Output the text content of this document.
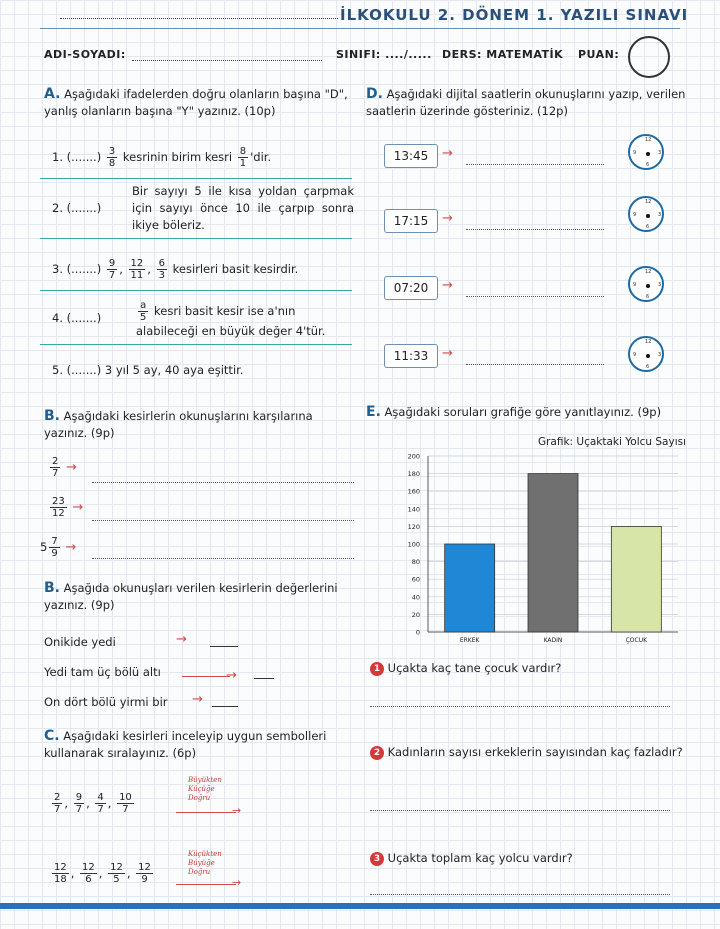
İLKOKULU 2. DÖNEM 1. YAZILI SINAVI
ADI-SOYADI:	SINIFI: ..../..... DERS: MATEMATİK PUAN:
A. Aşağıdaki ifadelerden doğru olanların başına "D", yanlış olanların başına "Y" yazınız. (10p)
1. (.......) $\frac{3}{8}$ kesrinin birim kesri $\frac{8}{1}$ 'dir.
2. (.......)
Bir sayıyı 5 ile kısa yoldan çarpmak için sayıyı önce 10 ile çarpıp sonra ikiye böleriz.
3. (.......) $\frac{9}{7}$ , $\frac{12}{11}$ , $\frac{6}{3}$ kesirleri basit kesirdir.
4. (.......)	$\frac{a}{5}$ kesri basit kesir ise a'nın alabileceği en büyük değer 4'tür.
5. (.......) 3 yıl 5 ay, 40 aya eşittir.
D. Aşağıdaki dijital saatlerin okunuşlarını yazıp, verilen saatlerin üzerinde gösteriniz. (12p)
13:45	→
12
3
6
9
17:15	→
12
3
6
9
07:20	→
12
3
6
9
11:33	→
12
3
6
9
B. Aşağıdaki kesirlerin okunuşlarını karşılarına yazınız. (9p)
$\frac{2}{7}$ →
$\frac{23}{12}$ →
$5 \frac{7}{9}$ →
B. Aşağıda okunuşları verilen kesirlerin değerlerini yazınız. (9p)
Onikide yedi	→
Yedi tam üç bölü altı	→
On dört bölü yirmi bir →
C. Aşağıdaki kesirleri inceleyip uygun sembolleri kullanarak sıralayınız. (6p)
$\frac{2}{7}$ , $\frac{9}{7}$ , $\frac{4}{7}$ , $\frac{10}{7}$
Büyükten
Küçüğe
Doğru
→
$\frac{12}{18}$ , $\frac{12}{6}$ , $\frac{12}{5}$ , $\frac{12}{9}$
Küçükten
Büyüğe
Doğru
→
E. Aşağıdaki soruları grafiğe göre yanıtlayınız. (9p)
Grafik: Uçaktaki Yolcu Sayısı
0
20
40
60
80
100
120
140
160
180
200
ERKEK	KADIN	ÇOCUK
1 Uçakta kaç tane çocuk vardır?
2 Kadınların sayısı erkeklerin sayısından kaç fazladır?
3 Uçakta toplam kaç yolcu vardır?
